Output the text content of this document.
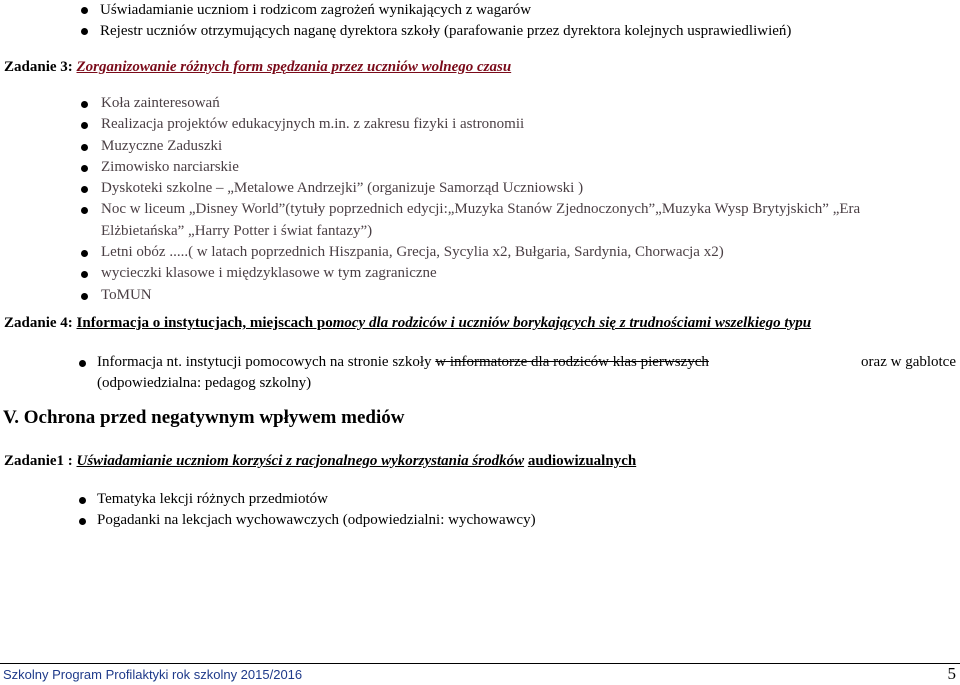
Uświadamianie uczniom i rodzicom zagrożeń wynikających z wagarów
Rejestr uczniów otrzymujących naganę dyrektora szkoły (parafowanie przez dyrektora kolejnych usprawiedliwień)
Zadanie 3: Zorganizowanie różnych form spędzania przez uczniów wolnego czasu
Koła zainteresowań
Realizacja projektów edukacyjnych m.in. z zakresu fizyki i astronomii
Muzyczne Zaduszki
Zimowisko narciarskie
Dyskoteki szkolne – „Metalowe Andrzejki” (organizuje Samorząd Uczniowski )
Noc w liceum „Disney World”(tytuły poprzednich edycji:„Muzyka Stanów Zjednoczonych”„Muzyka Wysp Brytyjskich” „Era
Elżbietańska” „Harry Potter i świat fantazy”)
Letni obóz .....( w latach poprzednich Hiszpania, Grecja, Sycylia x2, Bułgaria, Sardynia, Chorwacja x2)
wycieczki klasowe i międzyklasowe w tym zagraniczne
ToMUN
Zadanie 4: Informacja o instytucjach, miejscach pomocy dla rodziców i uczniów borykających się z trudnościami wszelkiego typu
Informacja nt. instytucji pomocowych na stronie szkoły w informatorze dla rodziców klas pierwszych	oraz w gablotce
(odpowiedzialna: pedagog szkolny)
V. Ochrona przed negatywnym wpływem mediów
Zadanie1 : Uświadamianie uczniom korzyści z racjonalnego wykorzystania środków audiowizualnych
Tematyka lekcji różnych przedmiotów
Pogadanki na lekcjach wychowawczych (odpowiedzialni: wychowawcy)
Szkolny Program Profilaktyki rok szkolny 2015/2016	5
